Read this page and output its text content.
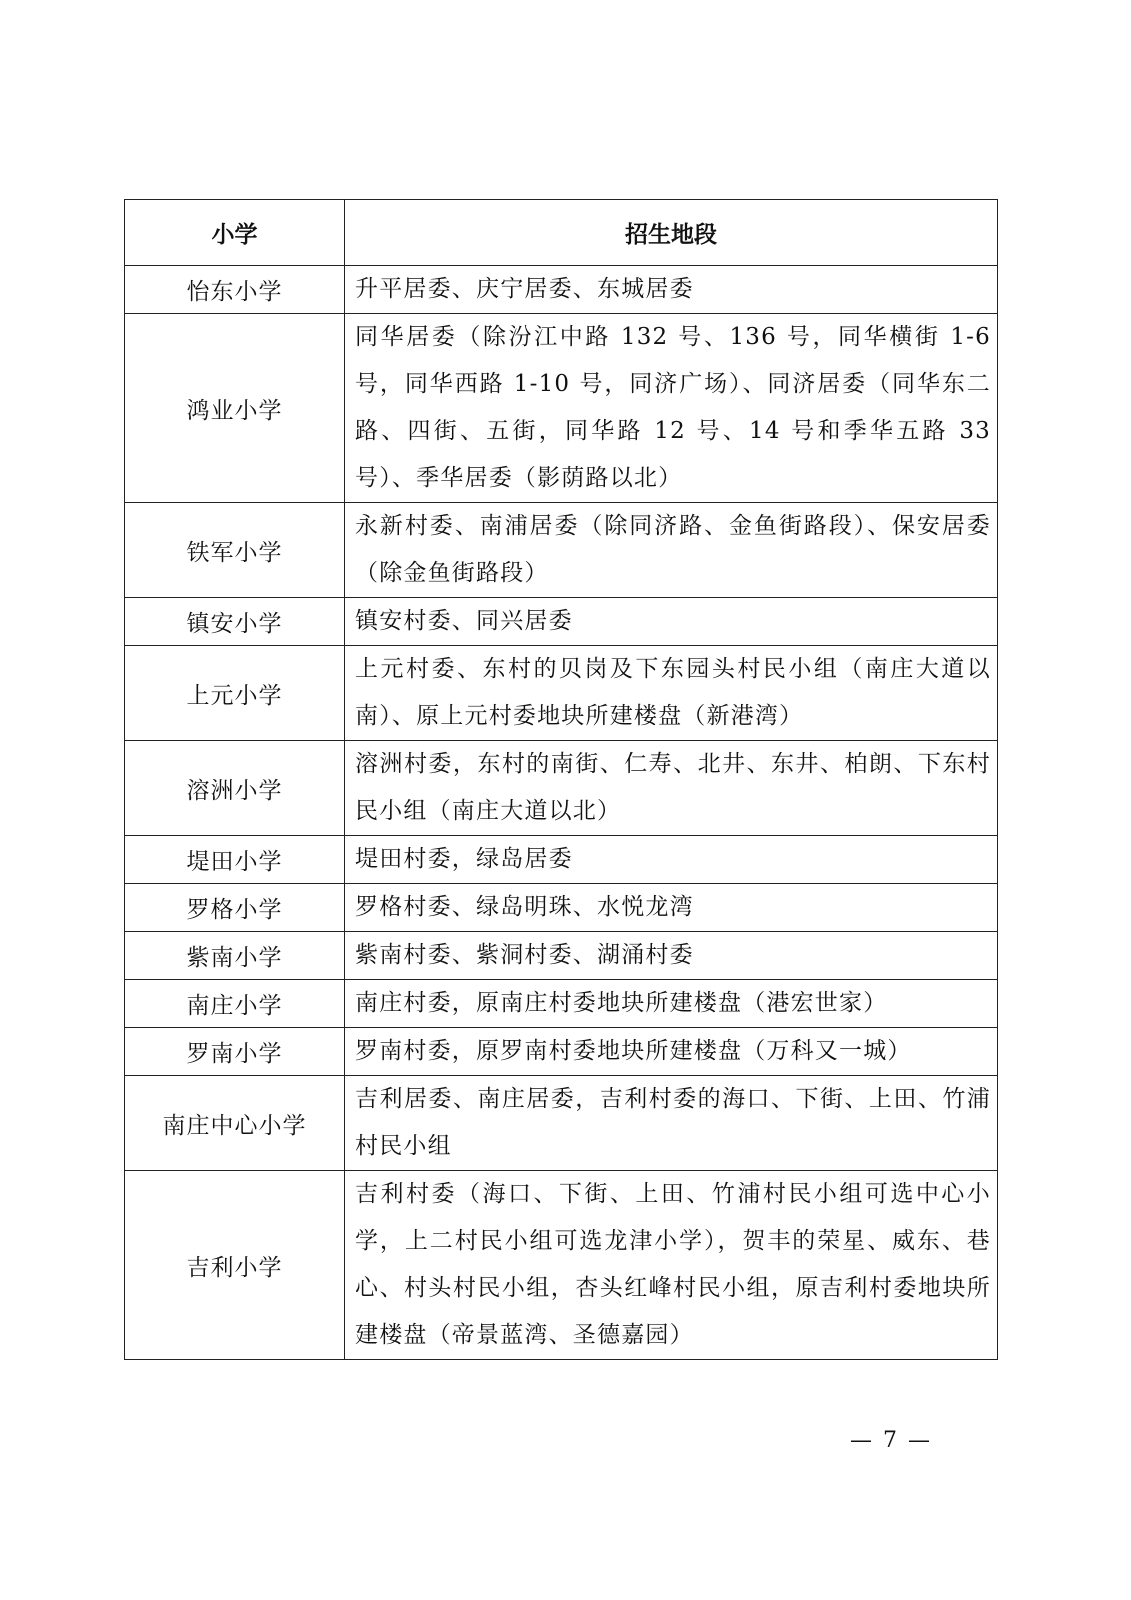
小学	招生地段
怡东小学	升平居委、庆宁居委、东城居委
鸿业小学	同华居委（除汾江中路 132 号、136 号，同华横街 1-6 号，同华西路 1-10 号，同济广场）、同济居委（同华东二路、四街、五街，同华路 12 号、14 号和季华五路 33 号）、季华居委（影荫路以北）
铁军小学	永新村委、南浦居委（除同济路、金鱼街路段）、保安居委（除金鱼街路段）
镇安小学	镇安村委、同兴居委
上元小学	上元村委、东村的贝岗及下东园头村民小组（南庄大道以南）、原上元村委地块所建楼盘（新港湾）
溶洲小学	溶洲村委，东村的南街、仁寿、北井、东井、柏朗、下东村民小组（南庄大道以北）
堤田小学	堤田村委，绿岛居委
罗格小学	罗格村委、绿岛明珠、水悦龙湾
紫南小学	紫南村委、紫洞村委、湖涌村委
南庄小学	南庄村委，原南庄村委地块所建楼盘（港宏世家）
罗南小学	罗南村委，原罗南村委地块所建楼盘（万科又一城）
南庄中心小学	吉利居委、南庄居委，吉利村委的海口、下街、上田、竹浦村民小组
吉利小学	吉利村委（海口、下街、上田、竹浦村民小组可选中心小学，上二村民小组可选龙津小学），贺丰的荣星、威东、巷心、村头村民小组，杏头红峰村民小组，原吉利村委地块所建楼盘（帝景蓝湾、圣德嘉园）
— 7 —
